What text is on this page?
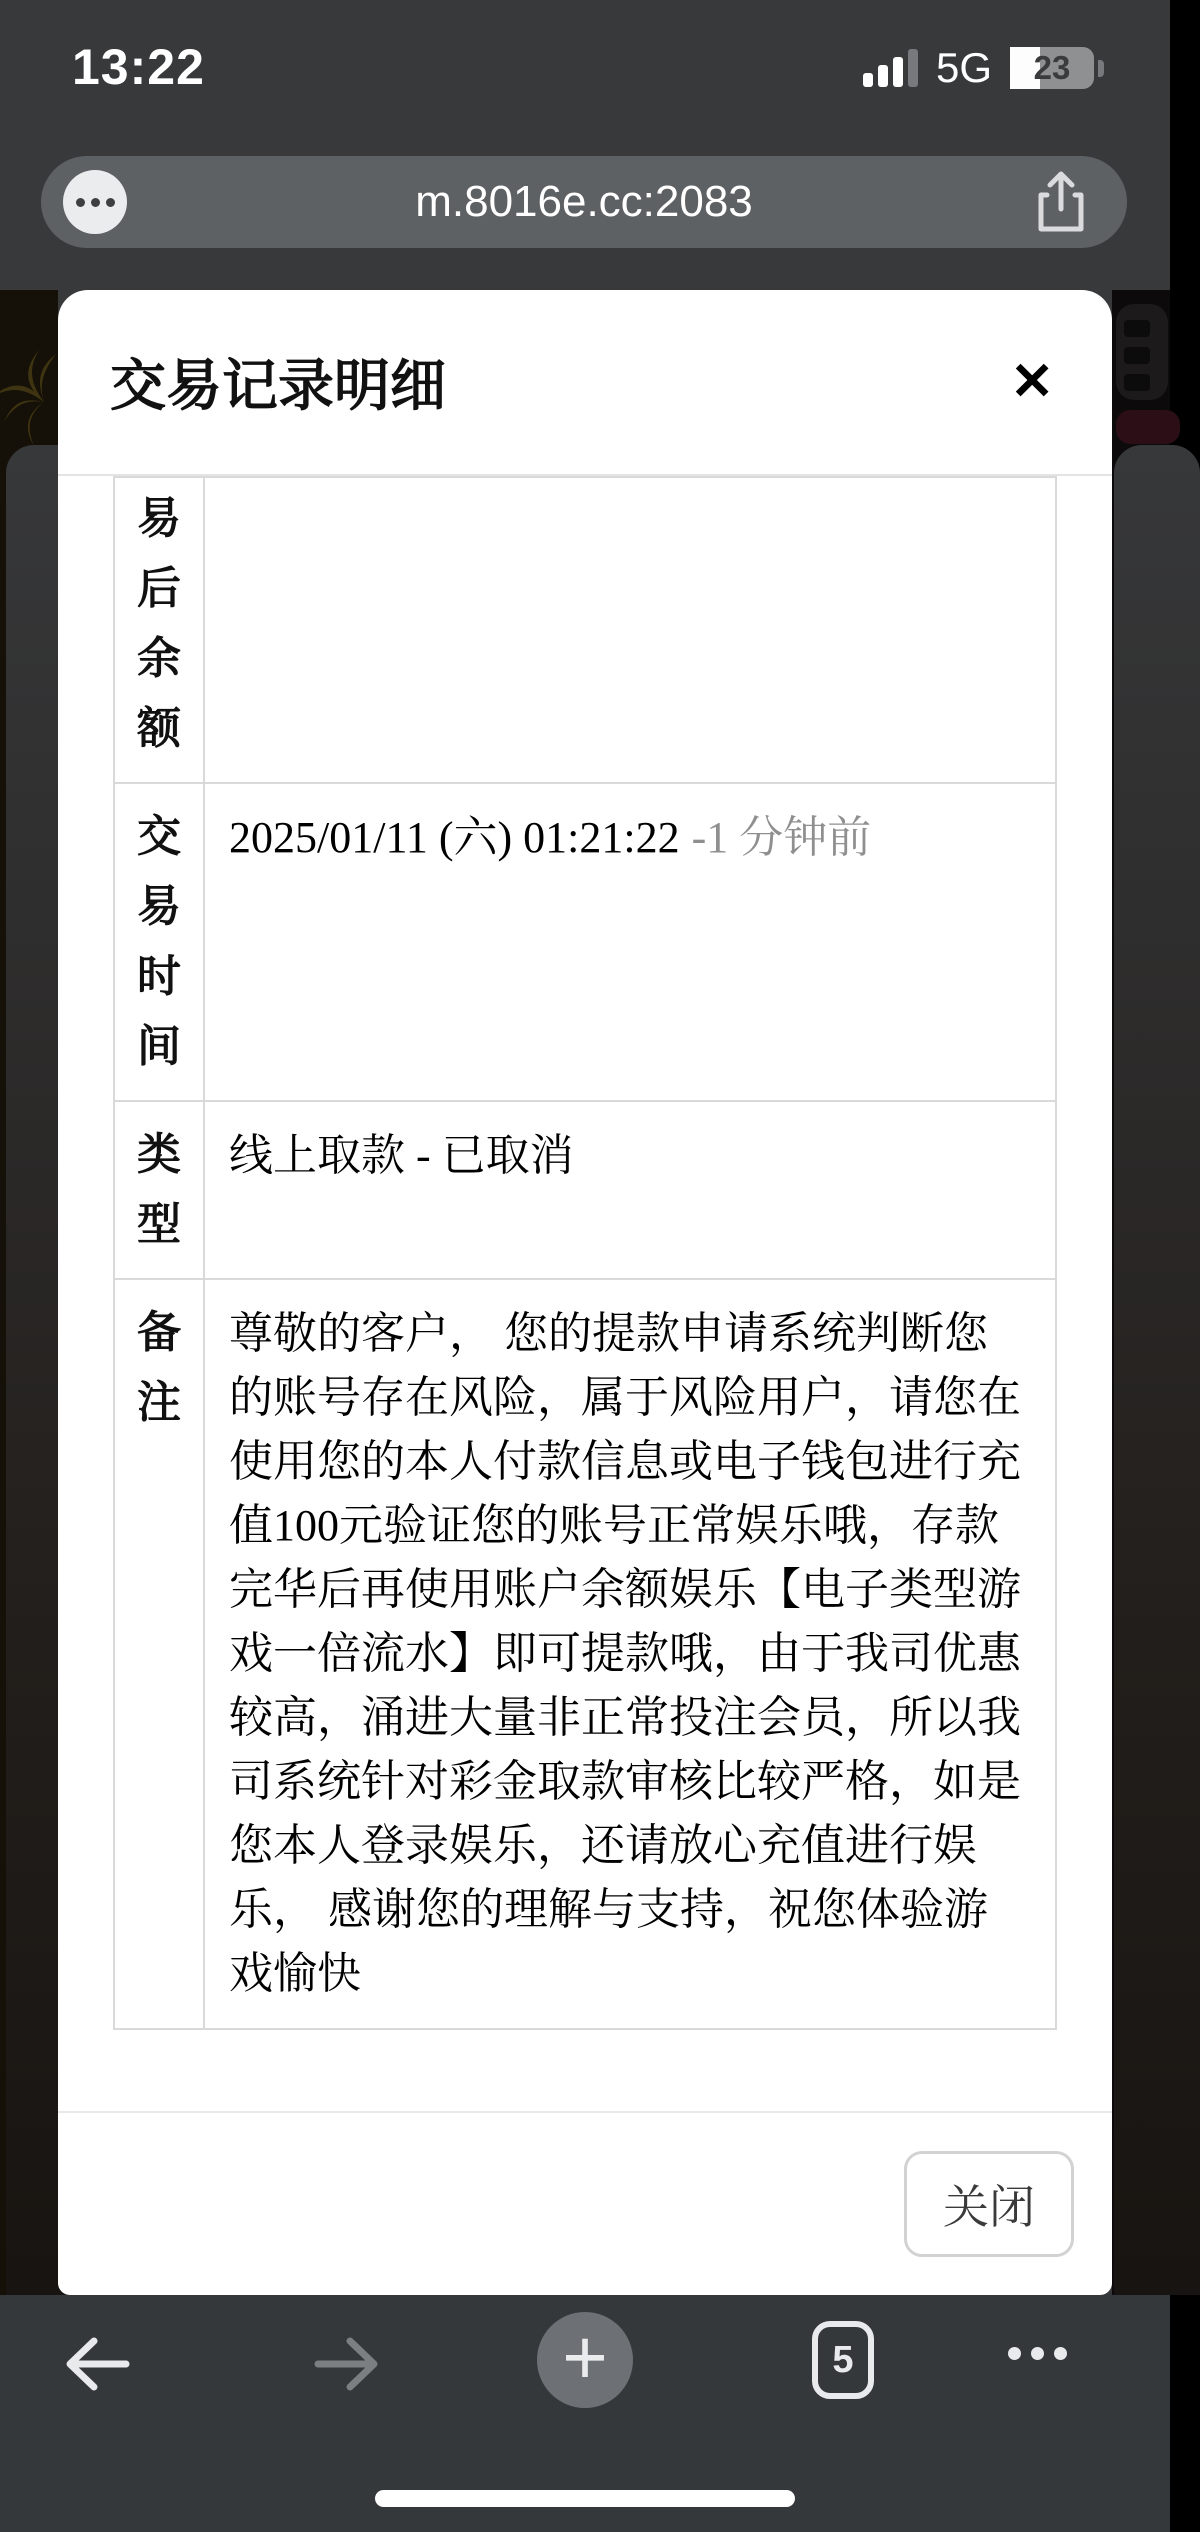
13:22	5G	23
m.8016e.cc:2083
交易记录明细	✕
易后余额	
交易时间	2025/01/11 (六) 01:21:22 -1 分钟前
类型	线上取款 - 已取消
备注	尊敬的客户， 您的提款申请系统判断您的账号存在风险，属于风险用户，请您在使用您的本人付款信息或电子钱包进行充值100元验证您的账号正常娱乐哦，存款完华后再使用账户余额娱乐【电子类型游戏一倍流水】即可提款哦，由于我司优惠较高，涌进大量非正常投注会员，所以我司系统针对彩金取款审核比较严格，如是您本人登录娱乐，还请放心充值进行娱乐， 感谢您的理解与支持，祝您体验游戏愉快
关闭
+	5
